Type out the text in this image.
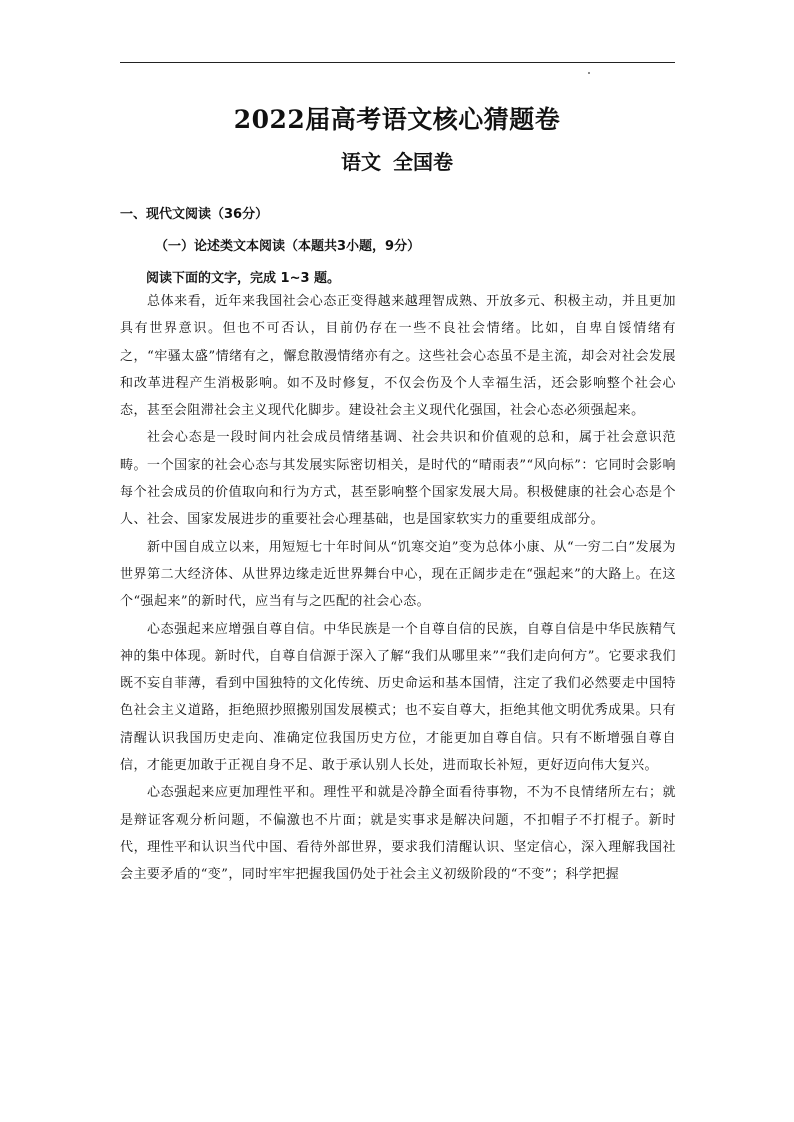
2022届高考语文核心猜题卷
语文 全国卷
一、现代文阅读（36分）
（一）论述类文本阅读（本题共3小题，9分）
阅读下面的文字，完成 1~3 题。

总体来看，近年来我国社会心态正变得越来越理智成熟、开放多元、积极主动，并且更加具有世界意识。但也不可否认，目前仍存在一些不良社会情绪。比如，自卑自馁情绪有之，“牢骚太盛”情绪有之，懈怠散漫情绪亦有之。这些社会心态虽不是主流，却会对社会发展和改革进程产生消极影响。如不及时修复，不仅会伤及个人幸福生活，还会影响整个社会心态，甚至会阻滞社会主义现代化脚步。建设社会主义现代化强国，社会心态必须强起来。

社会心态是一段时间内社会成员情绪基调、社会共识和价值观的总和，属于社会意识范畴。一个国家的社会心态与其发展实际密切相关，是时代的“晴雨表”“风向标”：它同时会影响每个社会成员的价值取向和行为方式，甚至影响整个国家发展大局。积极健康的社会心态是个人、社会、国家发展进步的重要社会心理基础，也是国家软实力的重要组成部分。

新中国自成立以来，用短短七十年时间从“饥寒交迫”变为总体小康、从“一穷二白”发展为世界第二大经济体、从世界边缘走近世界舞台中心，现在正阔步走在“强起来”的大路上。在这个“强起来”的新时代，应当有与之匹配的社会心态。

心态强起来应增强自尊自信。中华民族是一个自尊自信的民族，自尊自信是中华民族精气神的集中体现。新时代，自尊自信源于深入了解“我们从哪里来”“我们走向何方”。它要求我们既不妄自菲薄，看到中国独特的文化传统、历史命运和基本国情，注定了我们必然要走中国特色社会主义道路，拒绝照抄照搬别国发展模式；也不妄自尊大，拒绝其他文明优秀成果。只有清醒认识我国历史走向、准确定位我国历史方位，才能更加自尊自信。只有不断增强自尊自信，才能更加敢于正视自身不足、敢于承认别人长处，进而取长补短，更好迈向伟大复兴。

心态强起来应更加理性平和。理性平和就是冷静全面看待事物，不为不良情绪所左右；就是辩证客观分析问题，不偏激也不片面；就是实事求是解决问题，不扣帽子不打棍子。新时代，理性平和认识当代中国、看待外部世界，要求我们清醒认识、坚定信心，深入理解我国社会主要矛盾的“变”，同时牢牢把握我国仍处于社会主义初级阶段的“不变”；科学把握
